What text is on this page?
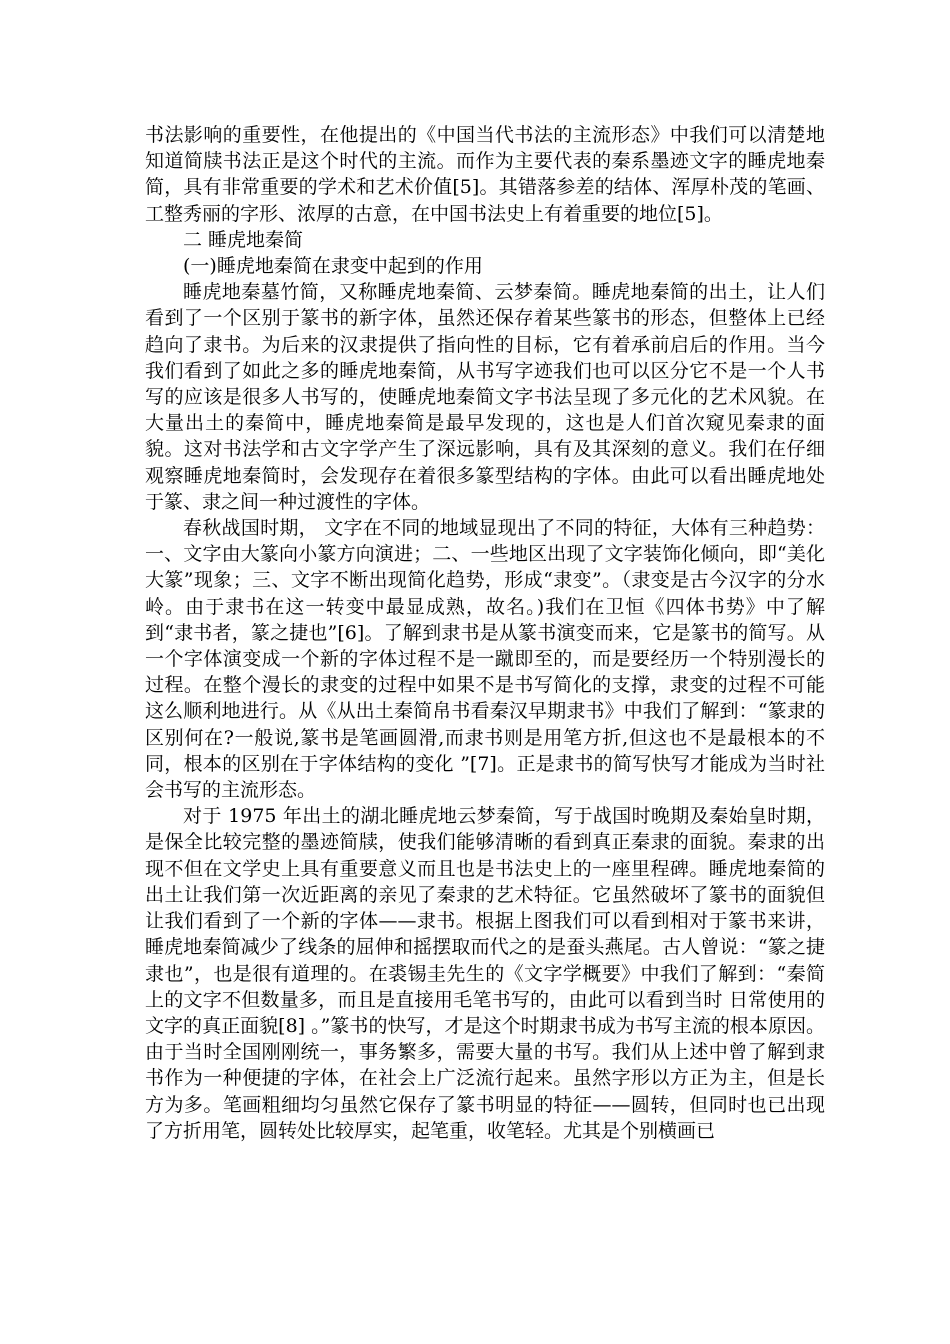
书法影响的重要性，在他提出的《中国当代书法的主流形态》中我们可以清楚地知道简牍书法正是这个时代的主流。而作为主要代表的秦系墨迹文字的睡虎地秦简，具有非常重要的学术和艺术价值[5]。其错落参差的结体、浑厚朴茂的笔画、工整秀丽的字形、浓厚的古意，在中国书法史上有着重要的地位[5]。

二 睡虎地秦简

(一)睡虎地秦简在隶变中起到的作用

睡虎地秦墓竹简，又称睡虎地秦简、云梦秦简。睡虎地秦简的出土，让人们看到了一个区别于篆书的新字体，虽然还保存着某些篆书的形态，但整体上已经趋向了隶书。为后来的汉隶提供了指向性的目标，它有着承前启后的作用。当今我们看到了如此之多的睡虎地秦简，从书写字迹我们也可以区分它不是一个人书写的应该是很多人书写的，使睡虎地秦简文字书法呈现了多元化的艺术风貌。在大量出土的秦简中，睡虎地秦简是最早发现的，这也是人们首次窥见秦隶的面貌。这对书法学和古文字学产生了深远影响，具有及其深刻的意义。我们在仔细观察睡虎地秦简时，会发现存在着很多篆型结构的字体。由此可以看出睡虎地处于篆、隶之间一种过渡性的字体。

春秋战国时期， 文字在不同的地域显现出了不同的特征，大体有三种趋势：一、文字由大篆向小篆方向演进；二、一些地区出现了文字装饰化倾向，即“美化大篆”现象；三、文字不断出现简化趋势，形成“隶变”。（隶变是古今汉字的分水岭。由于隶书在这一转变中最显成熟，故名。)我们在卫恒《四体书势》中了解到“隶书者，篆之捷也”[6]。了解到隶书是从篆书演变而来，它是篆书的简写。从一个字体演变成一个新的字体过程不是一蹴即至的，而是要经历一个特别漫长的过程。在整个漫长的隶变的过程中如果不是书写简化的支撑，隶变的过程不可能这么顺利地进行。从《从出土秦简帛书看秦汉早期隶书》中我们了解到：“篆隶的区别何在?一般说,篆书是笔画圆滑,而隶书则是用笔方折,但这也不是最根本的不同，根本的区别在于字体结构的变化 ”[7]。正是隶书的简写快写才能成为当时社会书写的主流形态。

对于 1975 年出土的湖北睡虎地云梦秦简，写于战国时晚期及秦始皇时期，是保全比较完整的墨迹简牍，使我们能够清晰的看到真正秦隶的面貌。秦隶的出现不但在文学史上具有重要意义而且也是书法史上的一座里程碑。睡虎地秦简的出土让我们第一次近距离的亲见了秦隶的艺术特征。它虽然破坏了篆书的面貌但让我们看到了一个新的字体——隶书。根据上图我们可以看到相对于篆书来讲，睡虎地秦简减少了线条的屈伸和摇摆取而代之的是蚕头燕尾。古人曾说：“篆之捷隶也”，也是很有道理的。在裘锡圭先生的《文字学概要》中我们了解到：“秦简上的文字不但数量多，而且是直接用毛笔书写的，由此可以看到当时 日常使用的文字的真正面貌[8] 。”篆书的快写，才是这个时期隶书成为书写主流的根本原因。由于当时全国刚刚统一，事务繁多，需要大量的书写。我们从上述中曾了解到隶书作为一种便捷的字体，在社会上广泛流行起来。虽然字形以方正为主，但是长方为多。笔画粗细均匀虽然它保存了篆书明显的特征——圆转，但同时也已出现了方折用笔，圆转处比较厚实，起笔重，收笔轻。尤其是个别横画已
